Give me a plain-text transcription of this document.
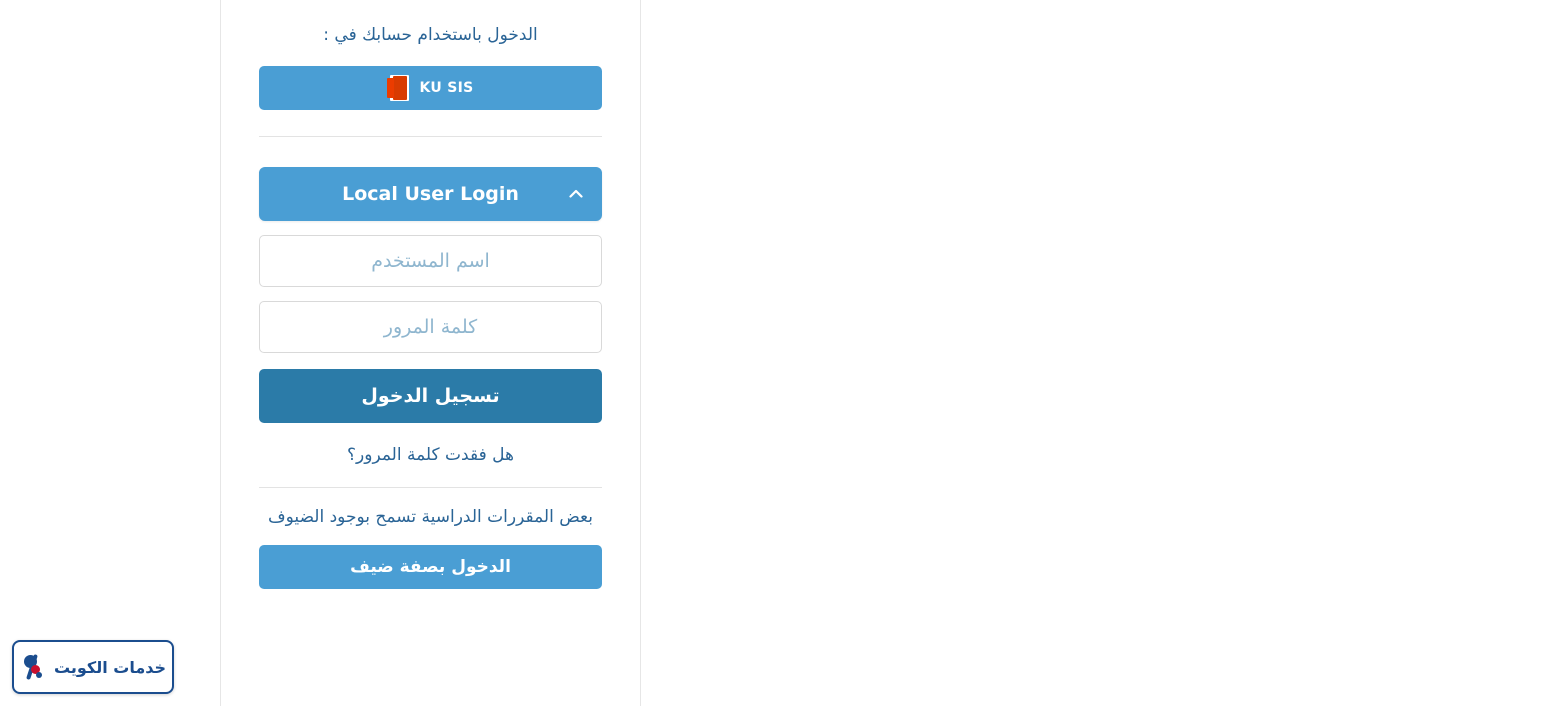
الدخول باستخدام حسابك في :

KU SIS
Local User Login
اسم المستخدم
تسجيل الدخول
هل فقدت كلمة المرور؟

بعض المقررات الدراسية تسمح بوجود الضيوف

الدخول بصفة ضيف
خدمات الكويت
